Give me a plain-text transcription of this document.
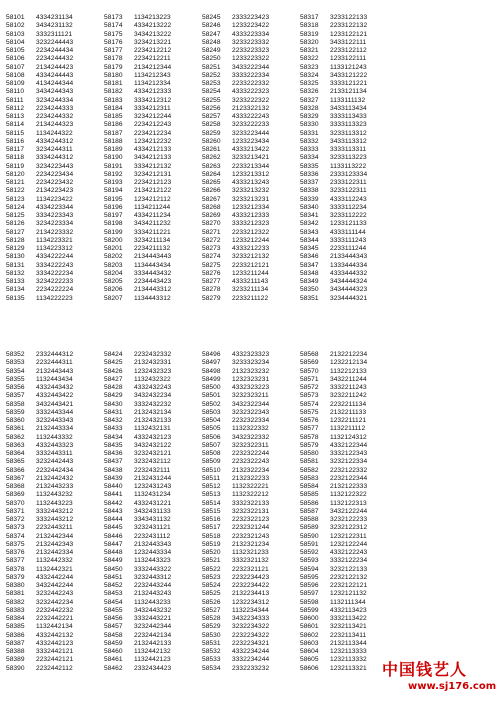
58101	4334231134
58102	3434231132
58103	3332311121
58104	3232244443
58105	2234244434
58106	2234244432
58107	2134244423
58108	4334244443
58109	4134244344
58110	3434244343
58111	3234244334
58112	2234244333
58113	2234244332
58114	2134244323
58115	1134244322
58116	4334244312
58117	3234244311
58118	3334244312
58119	3234223443
58120	2234223434
58121	2234223432
58122	2134223423
58123	1134223422
58124	4334223344
58125	3334223343
58126	3234223334
58127	2134223332
58128	1134223321
58129	1134223312
58130	4334222244
58131	3334222243
58132	3334222234
58133	3234222233
58134	2234222224
58135	1134222223
58173	1134213223
58174	4334213222
58175	3434213222
58176	3234213221
58177	2234212212
58178	2234212211
58179	2134212344
58180	1134212343
58181	1134212334
58182	4334212333
58183	3334212312
58184	3334212311
58185	3234212244
58186	2234212243
58187	2234212234
58188	1234212232
58189	4334212133
58190	3434212133
58191	3334212132
58192	3234212131
58193	2234212123
58194	2134212122
58195	1234212112
58196	1134211244
58197	4334211234
58198	3434211232
58199	3334211221
58200	3234211134
58201	2234211132
58202	2134443443
58203	1134443434
58204	3334443432
58205	2234443423
58206	2134443312
58207	1134443312
58245	2333223423
58246	1233223422
58247	4333223334
58248	3233223332
58249	2233223323
58250	1233223322
58251	3433222344
58252	3333222334
58253	2233222332
58254	4333222323
58255	3233222322
58256	2123322132
58257	4333222243
58258	3233222233
58259	3233223444
58260	1233223434
58261	4333213422
58262	3233213421
58263	2233213344
58264	1233213312
58265	4333213243
58266	3233213232
58267	3233213231
58268	1233212334
58269	4333212333
58270	3333212323
58271	2233212322
58272	1233212244
58273	4333212233
58274	3233212132
58275	2233212121
58276	1233211244
58277	4333211143
58278	3233211134
58279	2233211122
58317	3233122133
58318	2233122132
58319	1233122121
58320	3433122111
58321	2233122112
58322	1233122111
58323	1133121243
58324	3433121222
58325	3333121221
58326	2133121134
58327	1133111132
58328	3433113434
58329	3333113433
58330	3333113323
58331	3233113312
58332	3433113312
58333	3333113311
58334	3233113223
58335	1133113222
58336	2333123334
58337	2333122311
58338	3233122311
58339	4333112243
58340	3333112234
58341	3233112222
58342	1233121133
58343	4333111144
58344	3333111243
58345	2233111244
58346	2133444343
58347	1333444334
58348	4333444332
58349	3434444324
58350	3434444323
58351	3234444321
58352	2332444312
58353	2232444311
58354	2132443443
58355	1132443434
58356	4332443432
58357	4332443422
58358	3432443421
58359	3332443344
58360	3232443343
58361	2132443334
58362	1132443332
58363	4332443323
58364	3332443311
58365	3232442443
58366	2232442434
58367	2132442432
58368	2132443233
58369	1132443232
58370	1132443223
58371	3332443212
58372	3332443212
58373	2232443211
58374	2132442344
58375	2132442343
58376	2132442334
58377	1132442332
58378	1132442321
58379	4332442244
58380	3432442244
58381	3232442243
58382	3232442234
58383	2232442232
58384	2232442221
58385	1132442134
58386	4332442132
58387	4332442123
58388	3332442121
58389	2232442121
58390	2232442112
58424	2232432332
58425	2132432331
58426	1232432323
58427	1132432322
58428	4332432243
58429	3432432234
58430	3332432232
58431	2132432134
58432	2132432133
58433	1132432131
58434	4332432123
58435	3432432122
58436	3232432121
58437	3232432112
58438	2232432111
58439	2132431244
58440	1232431243
58441	1132431234
58442	4332431221
58443	3432431133
58444	3343431132
58445	3232431121
58446	2232431112
58447	2132443343
58448	1232443334
58449	1132443323
58450	3332443322
58451	3232443312
58452	2232443244
58453	2132443243
58454	1132443233
58455	3432443232
58456	3332443221
58457	3232442344
58458	2232442134
58459	2132442133
58460	1132442132
58461	1132442123
58462	2332434423
58496	4332323323
58497	3233323234
58498	2132323232
58499	1232323231
58500	4332323223
58501	3232323211
58502	3432322344
58503	3232322343
58504	2232322334
58505	1132322332
58506	3432322332
58507	3232322311
58508	2232322244
58509	2232322243
58510	2132322234
58511	2132322233
58512	1132322221
58513	1132322212
58514	3332322133
58515	3232322131
58516	2232322123
58517	2232321244
58518	2232321243
58519	2132321234
58520	1132321233
58521	3332321132
58522	2232321121
58523	2232234423
58524	2232234422
58525	2132234413
58526	1232234312
58527	1132234344
58528	3432234333
58529	3232234322
58530	2232234322
58531	2232234321
58532	4332234244
58533	3332234244
58534	2332233232
58568	2132212234
58569	1232212134
58570	1132212133
58571	3432211244
58572	3332211243
58573	3232211242
58574	2232211134
58575	2132211133
58576	1232211121
58577	1132211112
58578	1132124312
58579	4332122344
58580	3332122343
58581	3232122334
58582	2232122332
58583	2232122344
58584	2132122333
58585	1132122322
58586	1132122313
58587	3432122244
58588	3232122233
58589	3232122312
58590	1232122311
58591	1232122244
58592	4332122243
58593	3332122234
58594	3232122133
58595	2232122132
58596	2232122121
58597	1232121132
58598	1132111344
58599	4332113423
58600	3332113422
58601	3232113421
58602	2232113411
58603	2132113344
58604	1232113333
58605	1232113332
58606	1232113321 中国钱艺人
www.sj176.com
